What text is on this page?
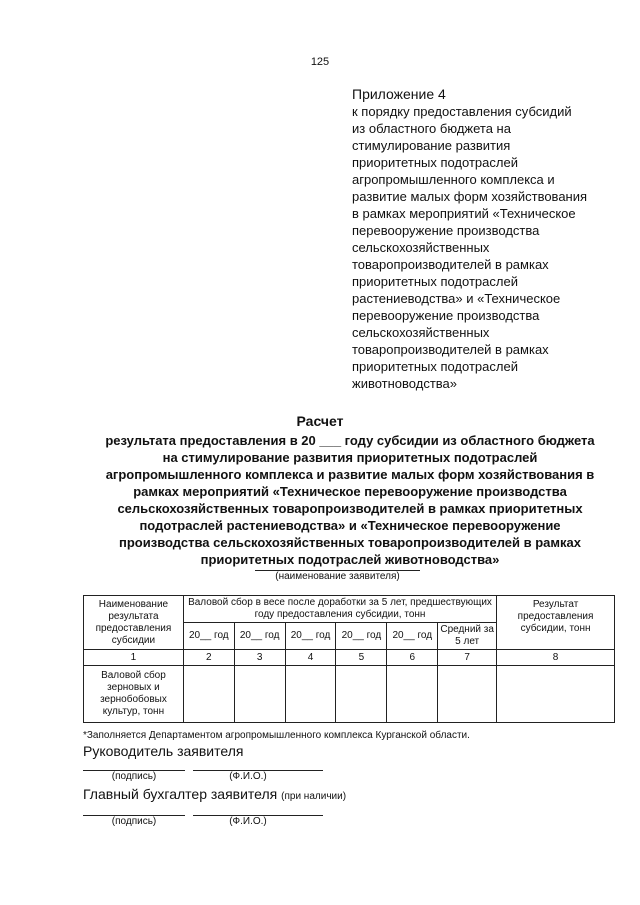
125
Приложение 4
к порядку предоставления субсидий
из областного бюджета на
стимулирование развития
приоритетных подотраслей
агропромышленного комплекса и
развитие малых форм хозяйствования
в рамках мероприятий «Техническое
перевооружение производства
сельскохозяйственных
товаропроизводителей в рамках
приоритетных подотраслей
растениеводства» и «Техническое
перевооружение производства
сельскохозяйственных
товаропроизводителей в рамках
приоритетных подотраслей
животноводства»
Расчет
результата предоставления в 20 ___ году субсидии из областного бюджета
на стимулирование развития приоритетных подотраслей
агропромышленного комплекса и развитие малых форм хозяйствования в
рамках мероприятий «Техническое перевооружение производства
сельскохозяйственных товаропроизводителей в рамках приоритетных
подотраслей растениеводства» и «Техническое перевооружение
производства сельскохозяйственных товаропроизводителей в рамках
приоритетных подотраслей животноводства»
(наименование заявителя)
Наименование результата предоставления субсидии	Валовой сбор в весе после доработки за 5 лет, предшествующих году предоставления субсидии, тонн						Результат предоставления субсидии, тонн
	20__ год	20__ год	20__ год	20__ год	20__ год	Средний за 5 лет	
1	2	3	4	5	6	7	8
Валовой сбор зерновых и зернобобовых культур, тонн							
*Заполняется Департаментом агропромышленного комплекса Курганской области.
Руководитель заявителя
(подпись)	(Ф.И.О.)
Главный бухгалтер заявителя (при наличии)
(подпись)	(Ф.И.О.)
